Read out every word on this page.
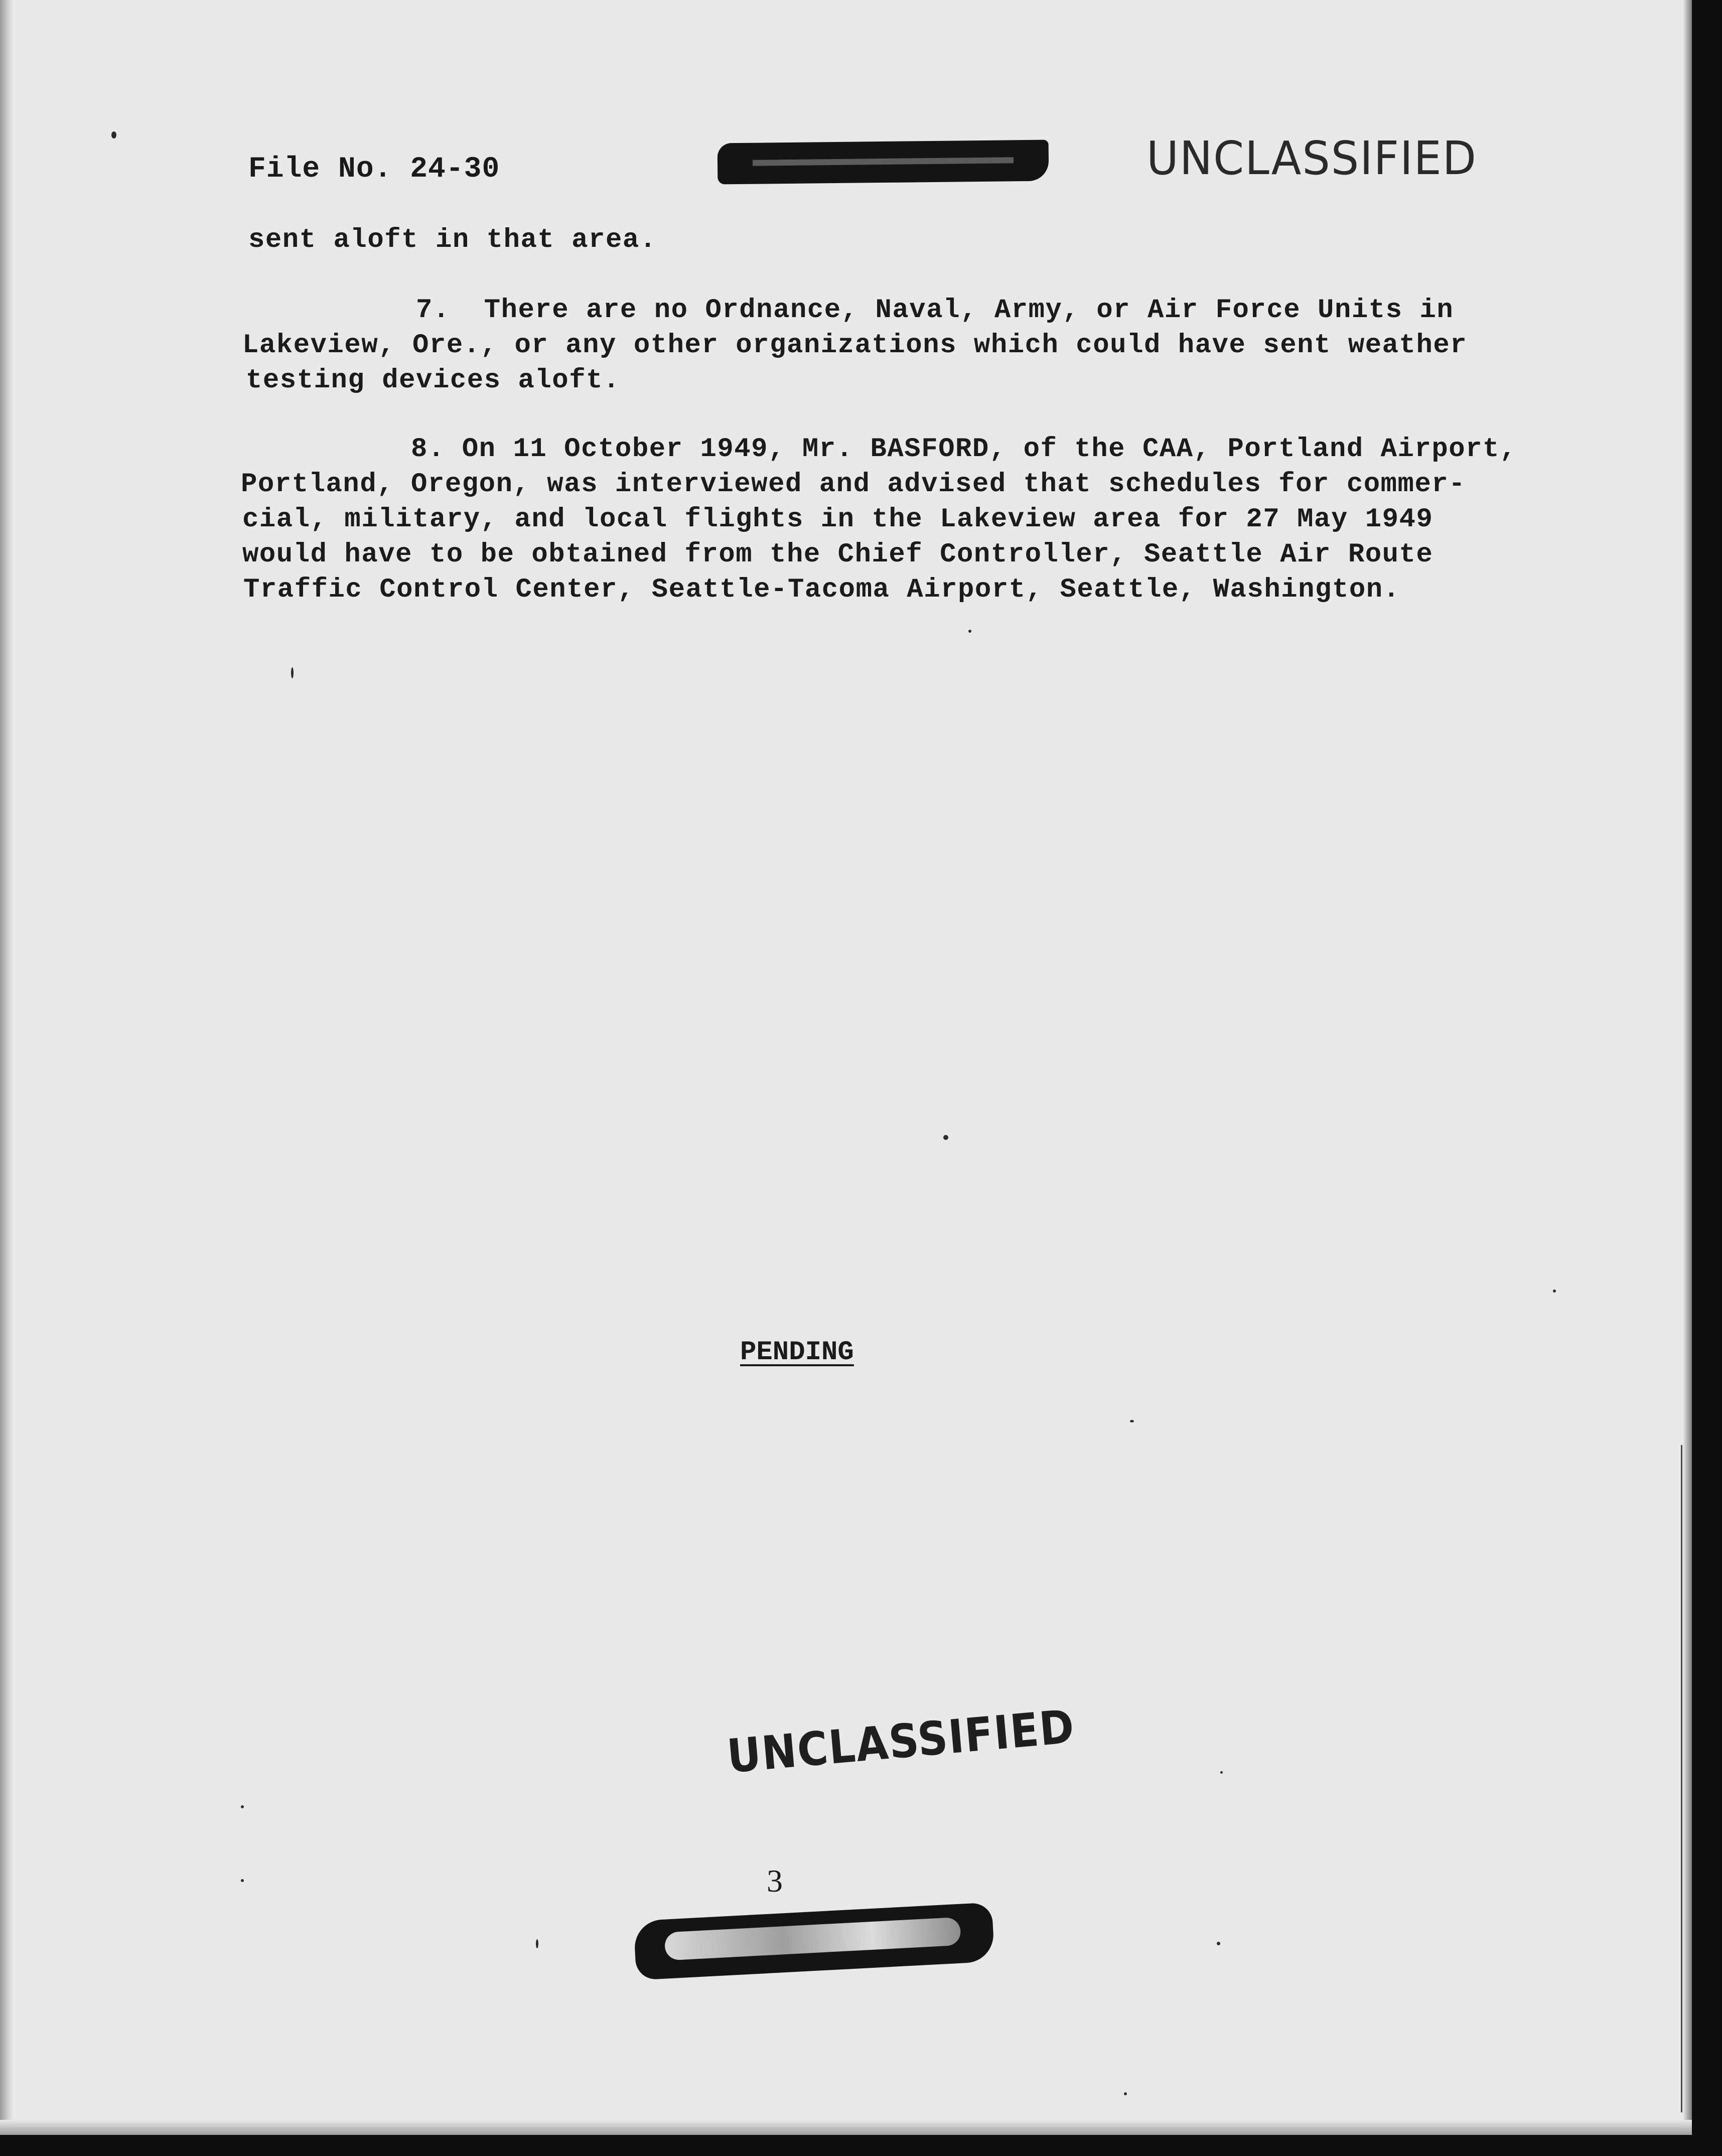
File No. 24-30	UNCLASSIFIED
sent aloft in that area.
7.  There are no Ordnance, Naval, Army, or Air Force Units in
Lakeview, Ore., or any other organizations which could have sent weather
testing devices aloft.
8. On 11 October 1949, Mr. BASFORD, of the CAA, Portland Airport,
Portland, Oregon, was interviewed and advised that schedules for commer-
cial, military, and local flights in the Lakeview area for 27 May 1949
would have to be obtained from the Chief Controller, Seattle Air Route
Traffic Control Center, Seattle-Tacoma Airport, Seattle, Washington.
PENDING
UNCLASSIFIED
3
